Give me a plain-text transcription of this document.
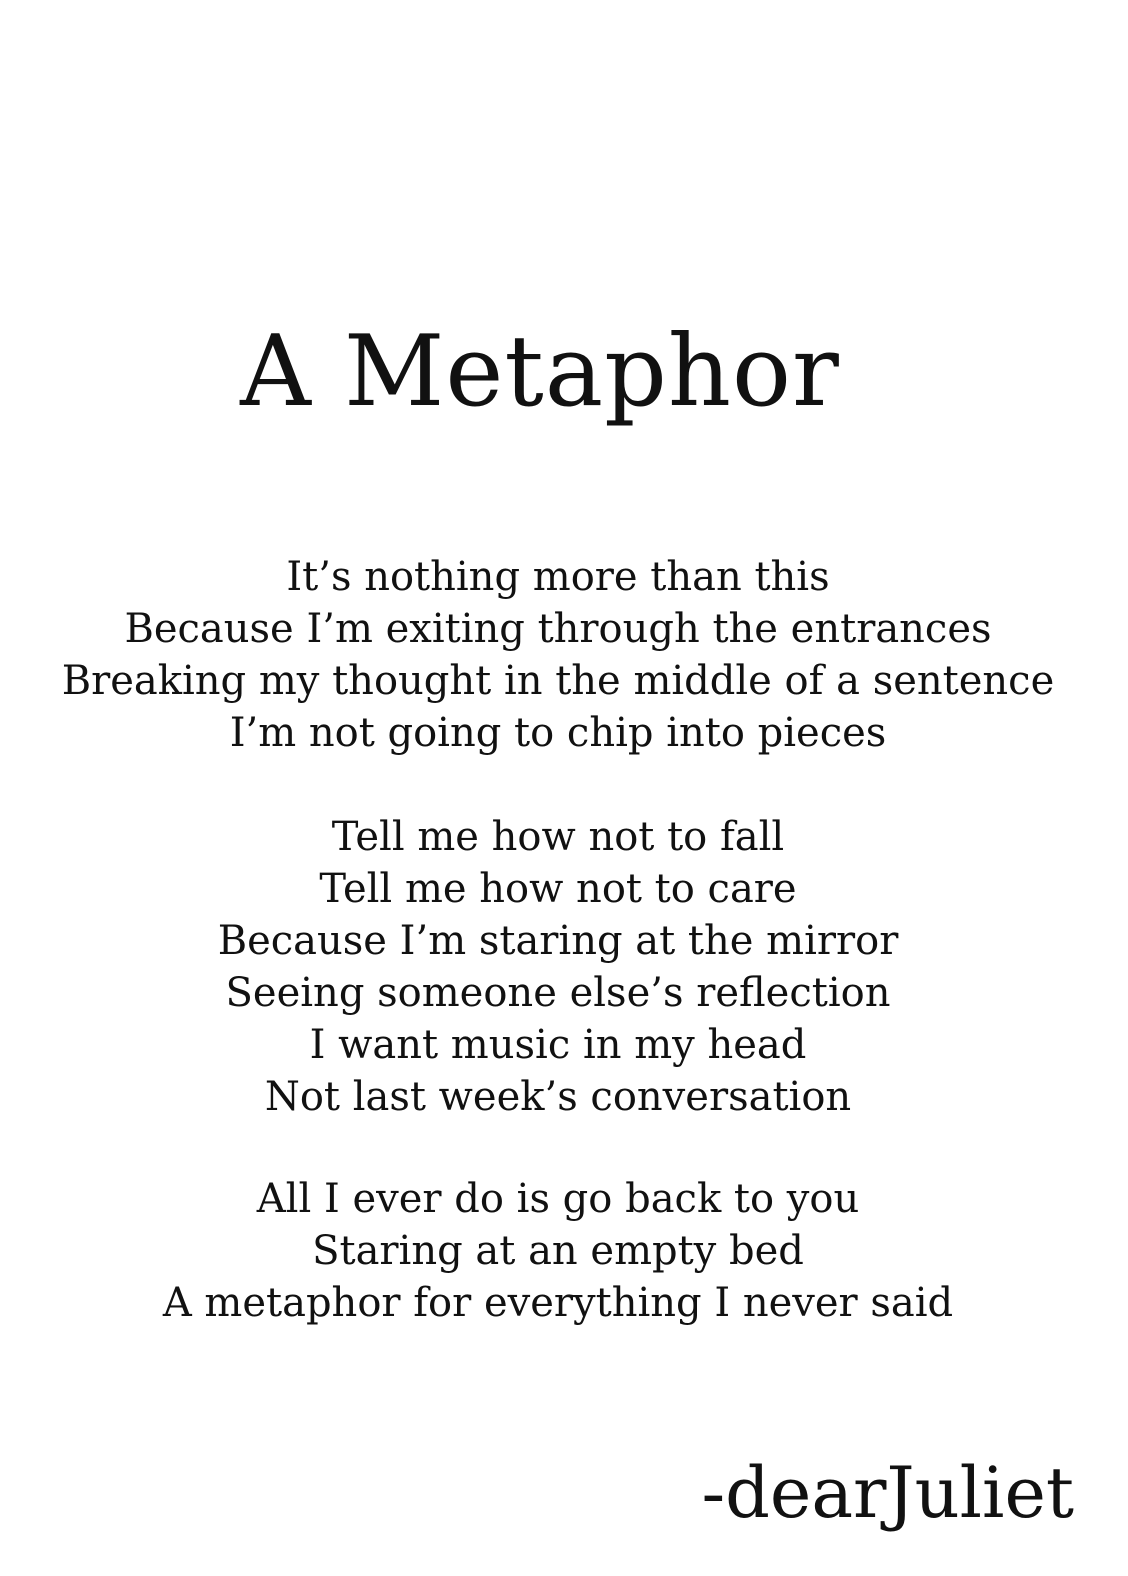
A Metaphor
It’s nothing more than this
Because I’m exiting through the entrances
Breaking my thought in the middle of a sentence
I’m not going to chip into pieces
Tell me how not to fall
Tell me how not to care
Because I’m staring at the mirror
Seeing someone else’s reflection
I want music in my head
Not last week’s conversation
All I ever do is go back to you
Staring at an empty bed
A metaphor for everything I never said
-dearJuliet
